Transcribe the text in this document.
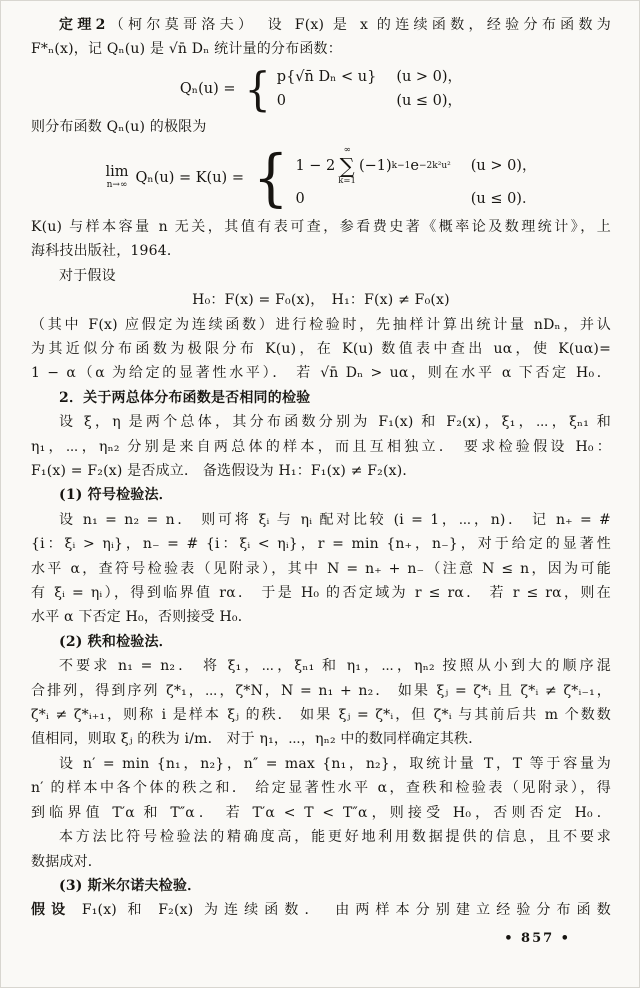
定理2（柯尔莫哥洛夫）　设 F(x) 是 x 的连续函数，经验分布函数为
F*ₙ(x)，记 Qₙ(u) 是 √n̄ Dₙ 统计量的分布函数：
Qₙ(u) = { p{√n̄ Dₙ < u} (u > 0)，
0	(u ≤ 0)，
则分布函数 Qₙ(u) 的极限为
lim
n→∞ Qₙ(u) = K(u) = { 1 − 2
∞
∑
k=1
(−1) k−1 e −2k²u² (u > 0)，
0	(u ≤ 0)．
K(u) 与样本容量 n 无关，其值有表可查，参看费史著《概率论及数理统计》，上
海科技出版社，1964．
对于假设
H₀：F(x) = F₀(x)，　H₁：F(x) ≠ F₀(x)
（其中 F(x) 应假定为连续函数）进行检验时，先抽样计算出统计量 nDₙ，并认
为其近似分布函数为极限分布 K(u)，在 K(u) 数值表中查出 uα，使 K(uα)=
1 − α（α 为给定的显著性水平）． 若 √n̄ Dₙ > uα，则在水平 α 下否定 H₀．
2．关于两总体分布函数是否相同的检验
设 ξ，η 是两个总体，其分布函数分别为 F₁(x) 和 F₂(x)，ξ₁，⋯，ξₙ₁ 和
η₁，⋯，ηₙ₂ 分别是来自两总体的样本，而且互相独立． 要求检验假设 H₀：
F₁(x) = F₂(x) 是否成立． 备选假设为 H₁：F₁(x) ≠ F₂(x)．
(1) 符号检验法．
设 n₁ = n₂ = n． 则可将 ξᵢ 与 ηᵢ 配对比较 (i = 1，⋯，n)． 记 n₊ = #
{i：ξᵢ > ηᵢ}，n₋ = # {i：ξᵢ < ηᵢ}，r = min {n₊，n₋}，对于给定的显著性
水平 α，查符号检验表（见附录），其中 N = n₊ + n₋（注意 N ≤ n，因为可能
有 ξᵢ = ηᵢ），得到临界值 rα． 于是 H₀ 的否定域为 r ≤ rα． 若 r ≤ rα，则在
水平 α 下否定 H₀，否则接受 H₀．
(2) 秩和检验法．
不要求 n₁ = n₂． 将 ξ₁，⋯，ξₙ₁ 和 η₁，⋯，ηₙ₂ 按照从小到大的顺序混
合排列，得到序列 ζ*₁，⋯，ζ*N，N = n₁ + n₂． 如果 ξⱼ = ζ*ᵢ 且 ζ*ᵢ ≠ ζ*ᵢ₋₁，
ζ*ᵢ ≠ ζ*ᵢ₊₁，则称 i 是样本 ξⱼ 的秩． 如果 ξⱼ = ζ*ᵢ，但 ζ*ᵢ 与其前后共 m 个数数
值相同，则取 ξⱼ 的秩为 i/m． 对于 η₁，⋯，ηₙ₂ 中的数同样确定其秩．
设 n′ = min {n₁，n₂}，n″ = max {n₁，n₂}，取统计量 T，T 等于容量为
n′ 的样本中各个体的秩之和． 给定显著性水平 α，查秩和检验表（见附录），得
到临界值 T′α 和 T″α． 若 T′α < T < T″α，则接受 H₀，否则否定 H₀．
本方法比符号检验法的精确度高，能更好地利用数据提供的信息，且不要求
数据成对．
(3) 斯米尔诺夫检验．
假设 F₁(x) 和 F₂(x) 为连续函数． 由两样本分别建立经验分布函数
• 857 •
